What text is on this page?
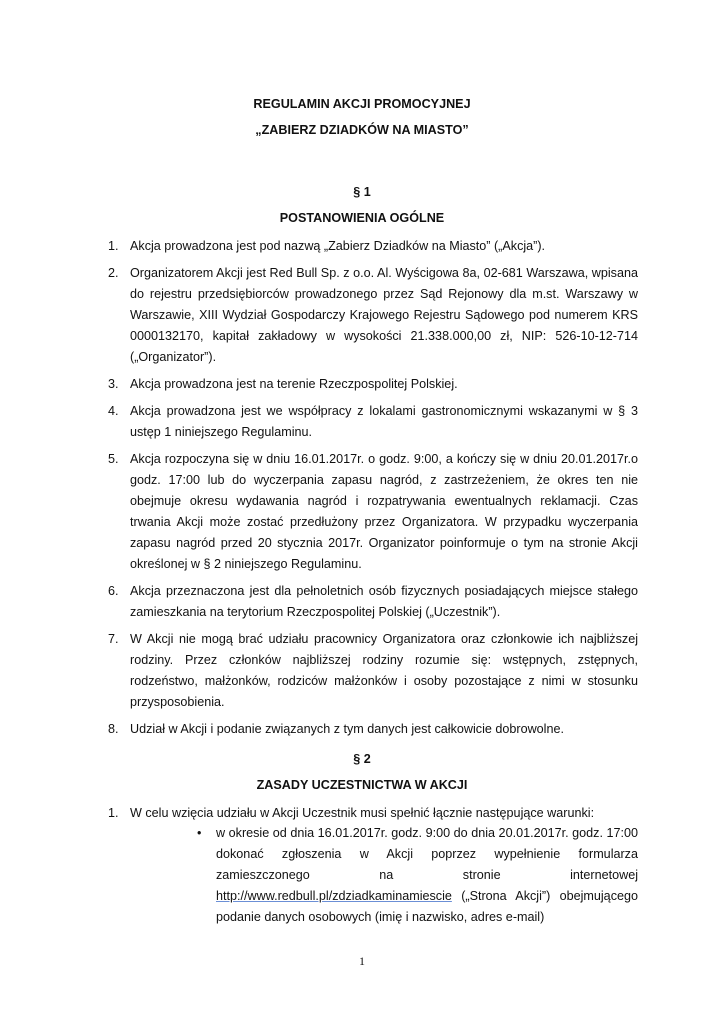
REGULAMIN AKCJI PROMOCYJNEJ
„ZABIERZ DZIADKÓW NA MIASTO”
§ 1
POSTANOWIENIA OGÓLNE
1. Akcja prowadzona jest pod nazwą „Zabierz Dziadków na Miasto” („Akcja”).
2. Organizatorem Akcji jest Red Bull Sp. z o.o. Al. Wyścigowa 8a, 02-681 Warszawa, wpisana do rejestru przedsiębiorców prowadzonego przez Sąd Rejonowy dla m.st. Warszawy w Warszawie, XIII Wydział Gospodarczy Krajowego Rejestru Sądowego pod numerem KRS 0000132170, kapitał zakładowy w wysokości 21.338.000,00 zł, NIP: 526-10-12-714 („Organizator”).
3. Akcja prowadzona jest na terenie Rzeczpospolitej Polskiej.
4. Akcja prowadzona jest we współpracy z lokalami gastronomicznymi wskazanymi w § 3 ustęp 1 niniejszego Regulaminu.
5. Akcja rozpoczyna się w dniu 16.01.2017r. o godz. 9:00, a kończy się w dniu 20.01.2017r.o godz. 17:00 lub do wyczerpania zapasu nagród, z zastrzeżeniem, że okres ten nie obejmuje okresu wydawania nagród i rozpatrywania ewentualnych reklamacji. Czas trwania Akcji może zostać przedłużony przez Organizatora. W przypadku wyczerpania zapasu nagród przed 20 stycznia 2017r. Organizator poinformuje o tym na stronie Akcji określonej w § 2 niniejszego Regulaminu.
6. Akcja przeznaczona jest dla pełnoletnich osób fizycznych posiadających miejsce stałego zamieszkania na terytorium Rzeczpospolitej Polskiej („Uczestnik”).
7. W Akcji nie mogą brać udziału pracownicy Organizatora oraz członkowie ich najbliższej rodziny. Przez członków najbliższej rodziny rozumie się: wstępnych, zstępnych, rodzeństwo, małżonków, rodziców małżonków i osoby pozostające z nimi w stosunku przysposobienia.
8. Udział w Akcji i podanie związanych z tym danych jest całkowicie dobrowolne.
§ 2
ZASADY UCZESTNICTWA W AKCJI
1. W celu wzięcia udziału w Akcji Uczestnik musi spełnić łącznie następujące warunki:
• w okresie od dnia 16.01.2017r. godz. 9:00 do dnia 20.01.2017r. godz. 17:00 dokonać zgłoszenia w Akcji poprzez wypełnienie formularza zamieszczonego na stronie internetowej http://www.redbull.pl/zdziadkaminamiescie („Strona Akcji”) obejmującego podanie danych osobowych (imię i nazwisko, adres e-mail)
1
